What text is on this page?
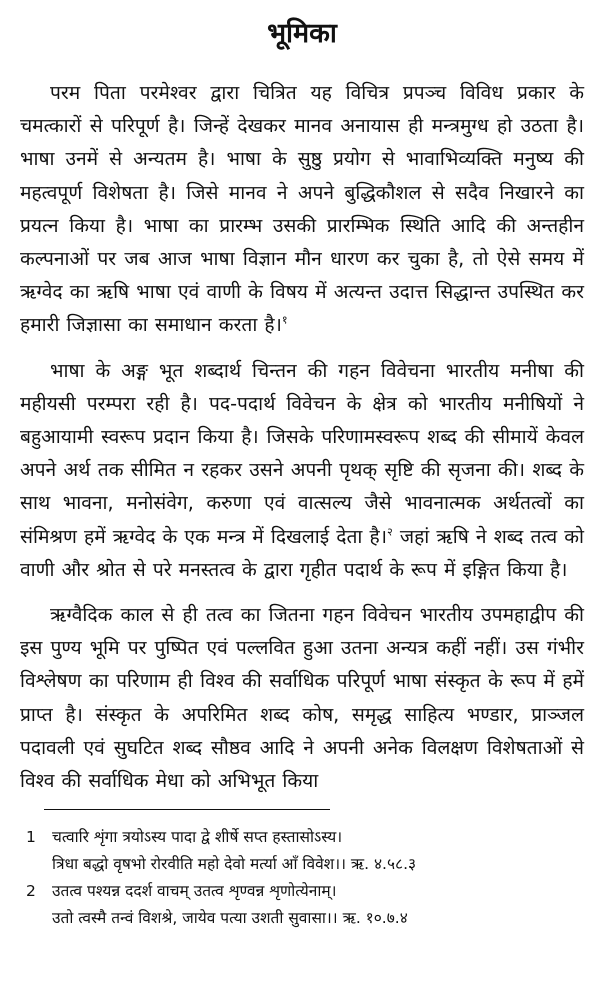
भूमिका

परम पिता परमेश्वर द्वारा चित्रित यह विचित्र प्रपञ्च विविध प्रकार के चमत्कारों से परिपूर्ण है। जिन्हें देखकर मानव अनायास ही मन्त्रमुग्ध हो उठता है। भाषा उनमें से अन्यतम है। भाषा के सुष्ठु प्रयोग से भावाभिव्यक्ति मनुष्य की महत्वपूर्ण विशेषता है। जिसे मानव ने अपने बुद्धिकौशल से सदैव निखारने का प्रयत्न किया है। भाषा का प्रारम्भ उसकी प्रारम्भिक स्थिति आदि की अन्तहीन कल्पनाओं पर जब आज भाषा विज्ञान मौन धारण कर चुका है, तो ऐसे समय में ऋग्वेद का ऋषि भाषा एवं वाणी के विषय में अत्यन्त उदात्त सिद्धान्त उपस्थित कर हमारी जिज्ञासा का समाधान करता है।$^१$

भाषा के अङ्ग भूत शब्दार्थ चिन्तन की गहन विवेचना भारतीय मनीषा की महीयसी परम्परा रही है। पद-पदार्थ विवेचन के क्षेत्र को भारतीय मनीषियों ने बहुआयामी स्वरूप प्रदान किया है। जिसके परिणामस्वरूप शब्द की सीमायें केवल अपने अर्थ तक सीमित न रहकर उसने अपनी पृथक् सृष्टि की सृजना की। शब्द के साथ भावना, मनोसंवेग, करुणा एवं वात्सल्य जैसे भावनात्मक अर्थतत्वों का संमिश्रण हमें ऋग्वेद के एक मन्त्र में दिखलाई देता है।$^२$ जहां ऋषि ने शब्द तत्व को वाणी और श्रोत से परे मनस्तत्व के द्वारा गृहीत पदार्थ के रूप में इङ्गित किया है।

ऋग्वैदिक काल से ही तत्व का जितना गहन विवेचन भारतीय उपमहाद्वीप की इस पुण्य भूमि पर पुष्पित एवं पल्लवित हुआ उतना अन्यत्र कहीं नहीं। उस गंभीर विश्लेषण का परिणाम ही विश्व की सर्वाधिक परिपूर्ण भाषा संस्कृत के रूप में हमें प्राप्त है। संस्कृत के अपरिमित शब्द कोष, समृद्ध साहित्य भण्डार, प्राञ्जल पदावली एवं सुघटित शब्द सौष्ठव आदि ने अपनी अनेक विलक्षण विशेषताओं से विश्व की सर्वाधिक मेधा को अभिभूत किया

1	चत्वारि शृंगा त्रयोऽस्य पादा द्वे शीर्षे सप्त हस्तासोऽस्य।
त्रिधा बद्धो वृषभो रोरवीति महो देवो मर्त्या आँ विवेश।। ऋ. ४.५८.३
2	उतत्व पश्यन्न ददर्श वाचम् उतत्व शृण्वन्न शृणोत्येनाम्।
उतो त्वस्मै तन्वं विशश्रे, जायेव पत्या उशती सुवासा।। ऋ. १०.७.४
